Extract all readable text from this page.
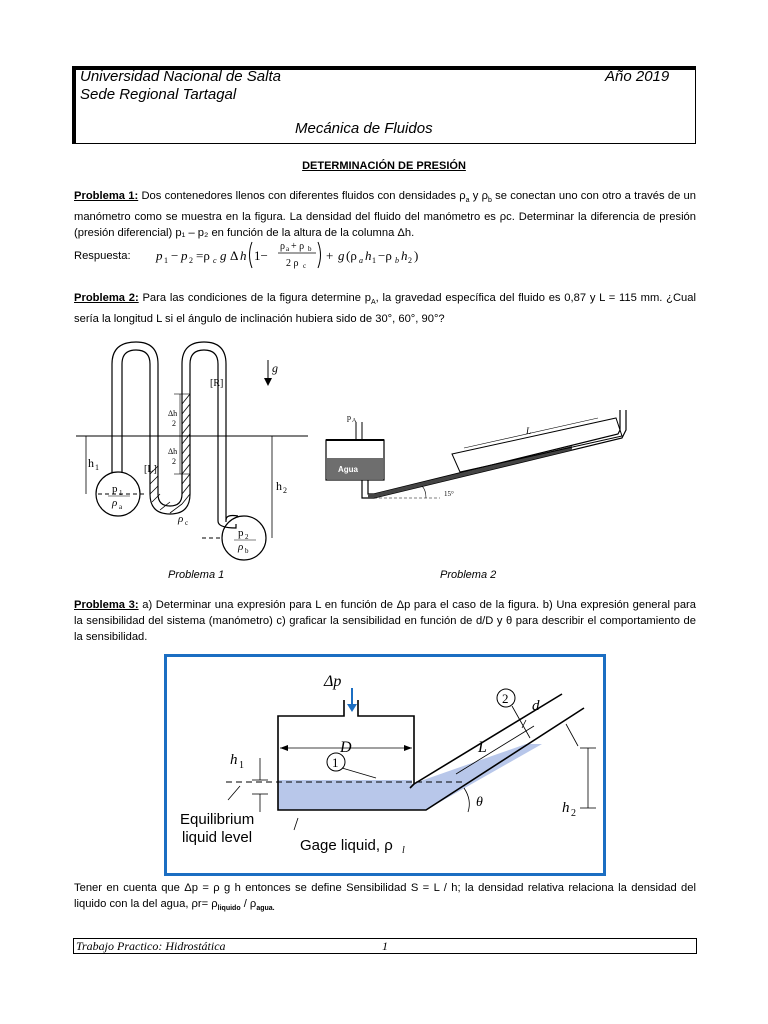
Universidad Nacional de Salta	Año 2019
Sede Regional Tartagal
Mecánica de Fluidos
DETERMINACIÓN DE PRESIÓN
Problema 1: Dos contenedores llenos con diferentes fluidos con densidades $\rho_a$ y $\rho_b$ se conectan uno con otro a través de un manómetro como se muestra en la figura. La densidad del fluido del manómetro es ρc. Determinar la diferencia de presión (presión diferencial) p₁ – p₂ en función de la altura de la columna Δh.
Respuesta: p 1 − p 2 =ρ c g Δ h 1−
ρ a + ρ b
2 ρ c
+ g (ρ a h 1 −ρ b h 2 )
Problema 2: Para las condiciones de la figura determine $p_A$, la gravedad específica del fluido es 0,87 y L = 115 mm. ¿Cual sería la longitud L si el ángulo de inclinación hubiera sido de 30°, 60°, 90°?
g
[R]
[L]
Δh
2
Δh
2
h 1
h 2
p 1
ρ a
ρ c
p 2
ρ b
p A
Agua
L
15°
Problema 1	Problema 2
Problema 3: a) Determinar una expresión para L en función de Δp para el caso de la figura. b) Una expresión general para la sensibilidad del sistema (manómetro) c) graficar la sensibilidad en función de d/D y θ para describir el comportamiento de la sensibilidad.
Δp
D
1
2
L
d
θ
h 1
h 2
Equilibrium
liquid level	Gage liquid, ρ l
Tener en cuenta que Δp = ρ g h entonces se define Sensibilidad S = L / h; la densidad relativa relaciona la densidad del liquido con la del agua, $\rho r= \rho_{liquido} / \rho_{agua.}$
Trabajo Practico: Hidrostática	1
